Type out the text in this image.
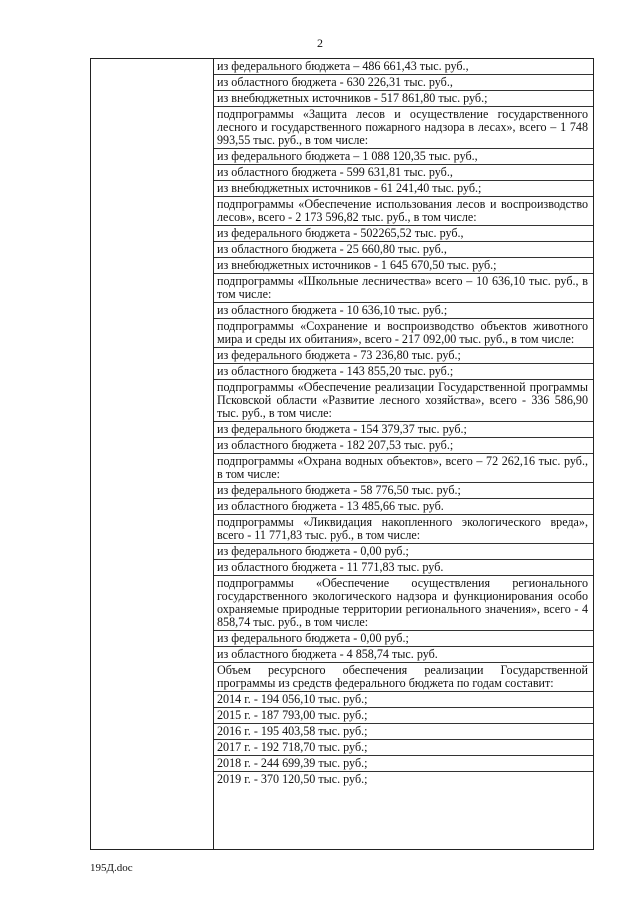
2

из федерального бюджета – 486 661,43 тыс. руб.,

из областного бюджета - 630 226,31 тыс. руб.,

из внебюджетных источников - 517 861,80 тыс. руб.;

подпрограммы «Защита лесов и осуществление государственного лесного и государственного пожарного надзора в лесах», всего – 1 748 993,55 тыс. руб., в том числе:

из федерального бюджета – 1 088 120,35 тыс. руб.,

из областного бюджета - 599 631,81 тыс. руб.,

из внебюджетных источников - 61 241,40 тыс. руб.;

подпрограммы «Обеспечение использования лесов и воспроизводство лесов», всего - 2 173 596,82 тыс. руб., в том числе:

из федерального бюджета - 502265,52 тыс. руб.,

из областного бюджета - 25 660,80 тыс. руб.,

из внебюджетных источников - 1 645 670,50 тыс. руб.;

подпрограммы «Школьные лесничества» всего – 10 636,10 тыс. руб., в том числе:

из областного бюджета - 10 636,10 тыс. руб.;

подпрограммы «Сохранение и воспроизводство объектов животного мира и среды их обитания», всего - 217 092,00 тыс. руб., в том числе:

из федерального бюджета - 73 236,80 тыс. руб.;

из областного бюджета - 143 855,20 тыс. руб.;

подпрограммы «Обеспечение реализации Государственной программы Псковской области «Развитие лесного хозяйства», всего - 336 586,90 тыс. руб., в том числе:

из федерального бюджета - 154 379,37 тыс. руб.;

из областного бюджета - 182 207,53 тыс. руб.;

подпрограммы «Охрана водных объектов», всего – 72 262,16 тыс. руб., в том числе:

из федерального бюджета - 58 776,50 тыс. руб.;

из областного бюджета - 13 485,66 тыс. руб.

подпрограммы «Ликвидация накопленного экологического вреда», всего - 11 771,83 тыс. руб., в том числе:

из федерального бюджета - 0,00 руб.;

из областного бюджета - 11 771,83 тыс. руб.

подпрограммы «Обеспечение осуществления регионального государственного экологического надзора и функционирования особо охраняемые природные территории регионального значения», всего - 4 858,74 тыс. руб., в том числе:

из федерального бюджета - 0,00 руб.;

из областного бюджета - 4 858,74 тыс. руб.

Объем ресурсного обеспечения реализации Государственной программы из средств федерального бюджета по годам составит:

2014 г. - 194 056,10 тыс. руб.;

2015 г. - 187 793,00 тыс. руб.;

2016 г. - 195 403,58 тыс. руб.;

2017 г. - 192 718,70 тыс. руб.;

2018 г. - 244 699,39 тыс. руб.;

2019 г. - 370 120,50 тыс. руб.;

195Д.doc
